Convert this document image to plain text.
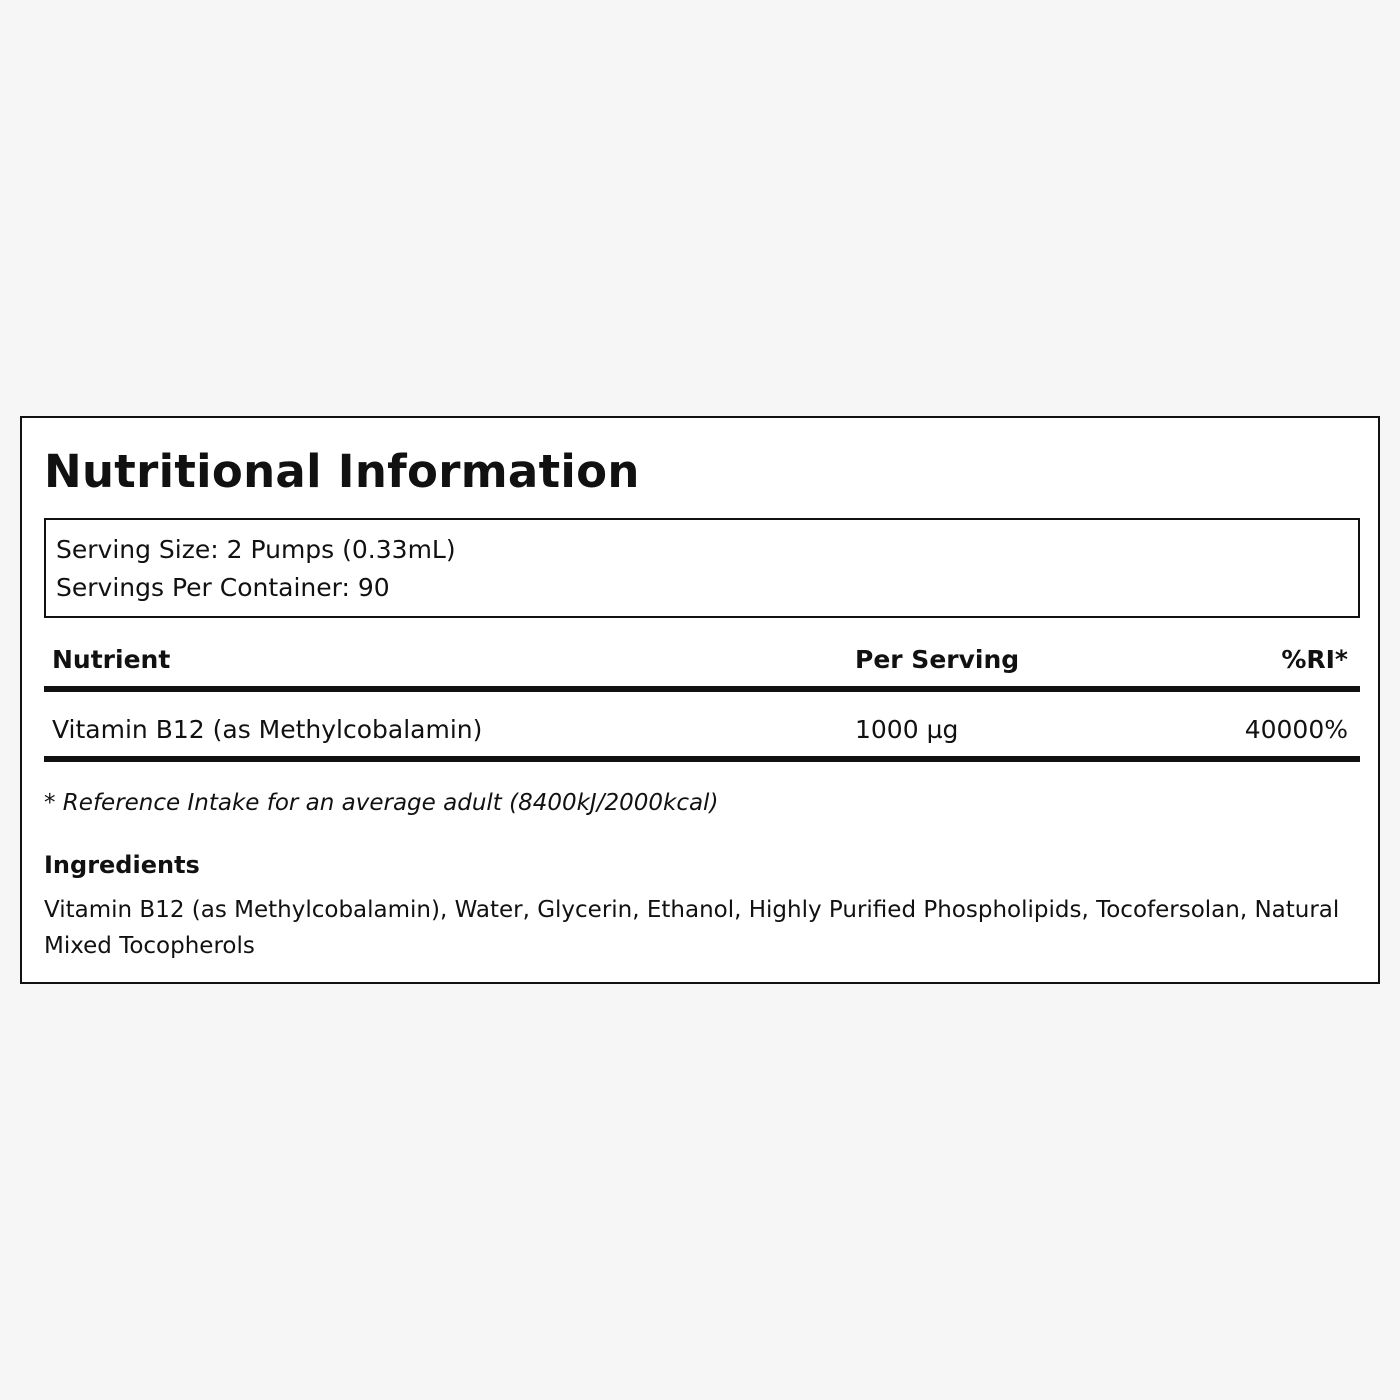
Nutritional Information
Serving Size: 2 Pumps (0.33mL)
Servings Per Container: 90
Nutrient	Per Serving	%RI*
Vitamin B12 (as Methylcobalamin)	1000 µg	40000%
* Reference Intake for an average adult (8400kJ/2000kcal)
Ingredients
Vitamin B12 (as Methylcobalamin), Water, Glycerin, Ethanol, Highly Purified Phospholipids, Tocofersolan, Natural Mixed Tocopherols
